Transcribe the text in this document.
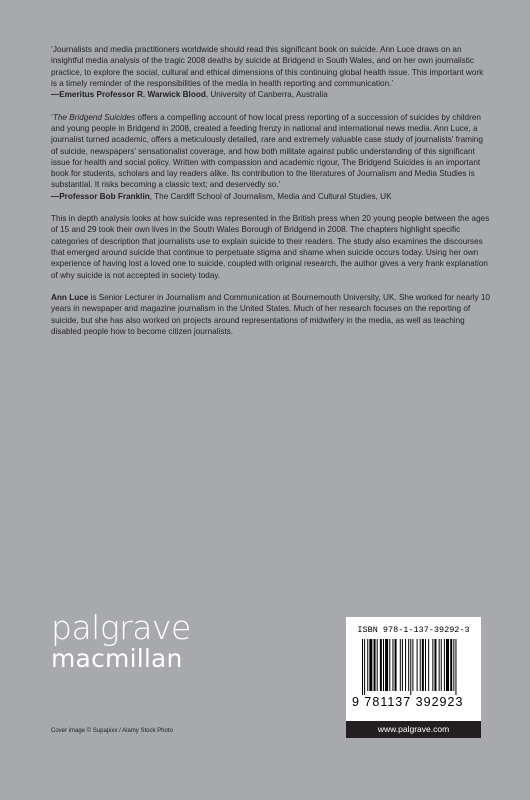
‘Journalists and media practitioners worldwide should read this significant book on suicide. Ann Luce draws on an insightful media analysis of the tragic 2008 deaths by suicide at Bridgend in South Wales, and on her own journalistic practice, to explore the social, cultural and ethical dimensions of this continuing global health issue. This important work is a timely reminder of the responsibilities of the media in health reporting and communication.’
—Emeritus Professor R. Warwick Blood, University of Canberra, Australia

‘The Bridgend Suicides offers a compelling account of how local press reporting of a succession of suicides by children and young people in Bridgend in 2008, created a feeding frenzy in national and international news media. Ann Luce, a journalist turned academic, offers a meticulously detailed, rare and extremely valuable case study of journalists’ framing of suicide, newspapers’ sensationalist coverage, and how both militate against public understanding of this significant issue for health and social policy. Written with compassion and academic rigour, The Bridgend Suicides is an important book for students, scholars and lay readers alike. Its contribution to the literatures of Journalism and Media Studies is substantial. It risks becoming a classic text; and deservedly so.’
—Professor Bob Franklin, The Cardiff School of Journalism, Media and Cultural Studies, UK

This in depth analysis looks at how suicide was represented in the British press when 20 young people between the ages of 15 and 29 took their own lives in the South Wales Borough of Bridgend in 2008. The chapters highlight specific categories of description that journalists use to explain suicide to their readers. The study also examines the discourses that emerged around suicide that continue to perpetuate stigma and shame when suicide occurs today. Using her own experience of having lost a loved one to suicide, coupled with original research, the author gives a very frank explanation of why suicide is not accepted in society today.

Ann Luce is Senior Lecturer in Journalism and Communication at Bournemouth University, UK. She worked for nearly 10 years in newspaper and magazine journalism in the United States. Much of her research focuses on the reporting of suicide, but she has also worked on projects around representations of midwifery in the media, as well as teaching disabled people how to become citizen journalists.

palgrave
macmillan
Cover image © Supapixx / Alamy Stock Photo
ISBN 978-1-137-39292-3
9 781137 392923
www.palgrave.com
